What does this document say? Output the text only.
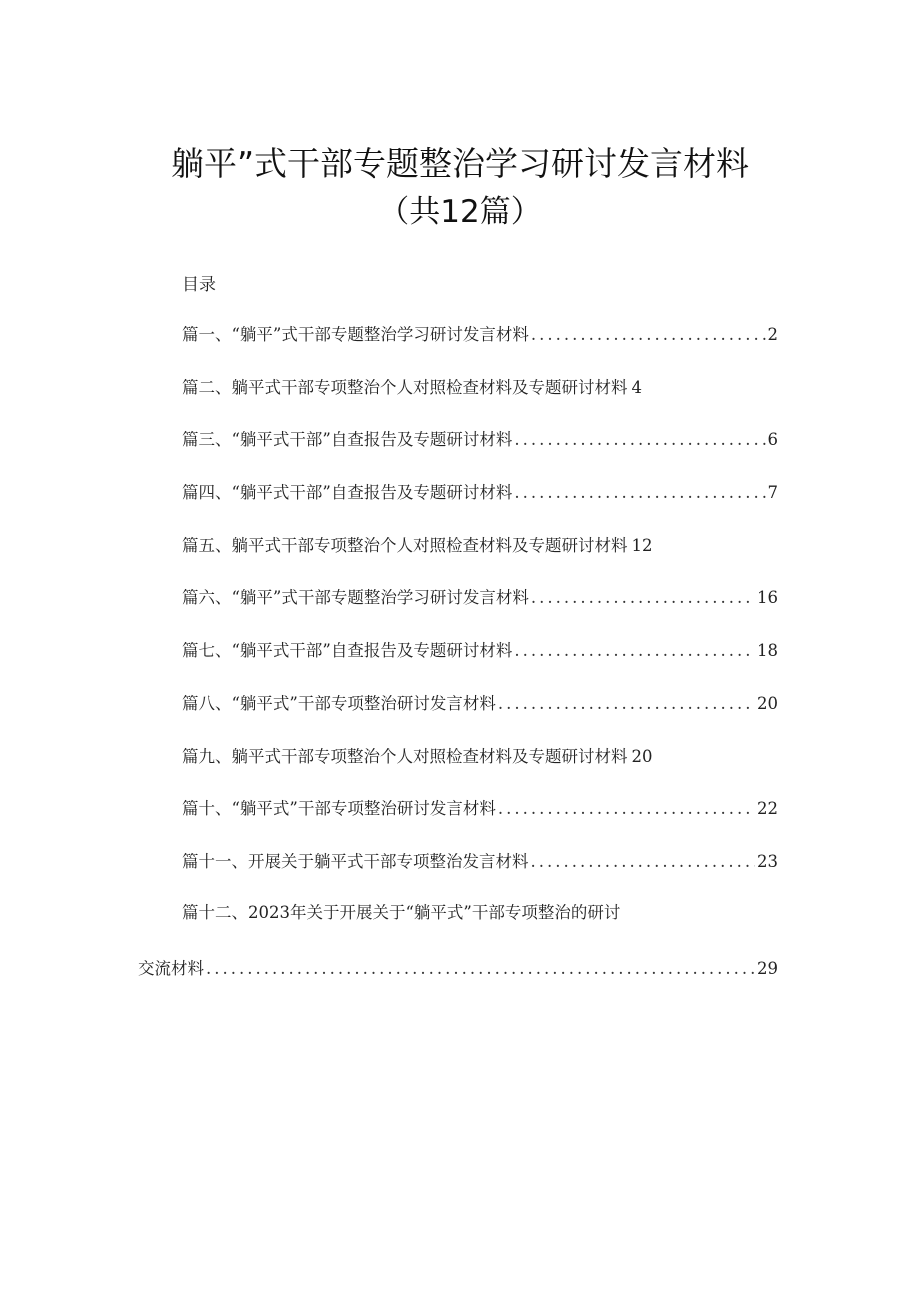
躺平”式干部专题整治学习研讨发言材料
（共12篇）
目录
篇一、“躺平”式干部专题整治学习研讨发言材料 .....	2
篇二、躺平式干部专项整治个人对照检查材料及专题研讨材料 4
篇三、“躺平式干部”自查报告及专题研讨材料 .....	6
篇四、“躺平式干部”自查报告及专题研讨材料 .....	7
篇五、躺平式干部专项整治个人对照检查材料及专题研讨材料 12
篇六、“躺平”式干部专题整治学习研讨发言材料 .....	16
篇七、“躺平式干部”自查报告及专题研讨材料 .....	18
篇八、“躺平式”干部专项整治研讨发言材料 .....	20
篇九、躺平式干部专项整治个人对照检查材料及专题研讨材料 20
篇十、“躺平式”干部专项整治研讨发言材料 .....	22
篇十一、开展关于躺平式干部专项整治发言材料 .....	23
篇十二、2023年关于开展关于“躺平式”干部专项整治的研讨
交流材料 .....	29
